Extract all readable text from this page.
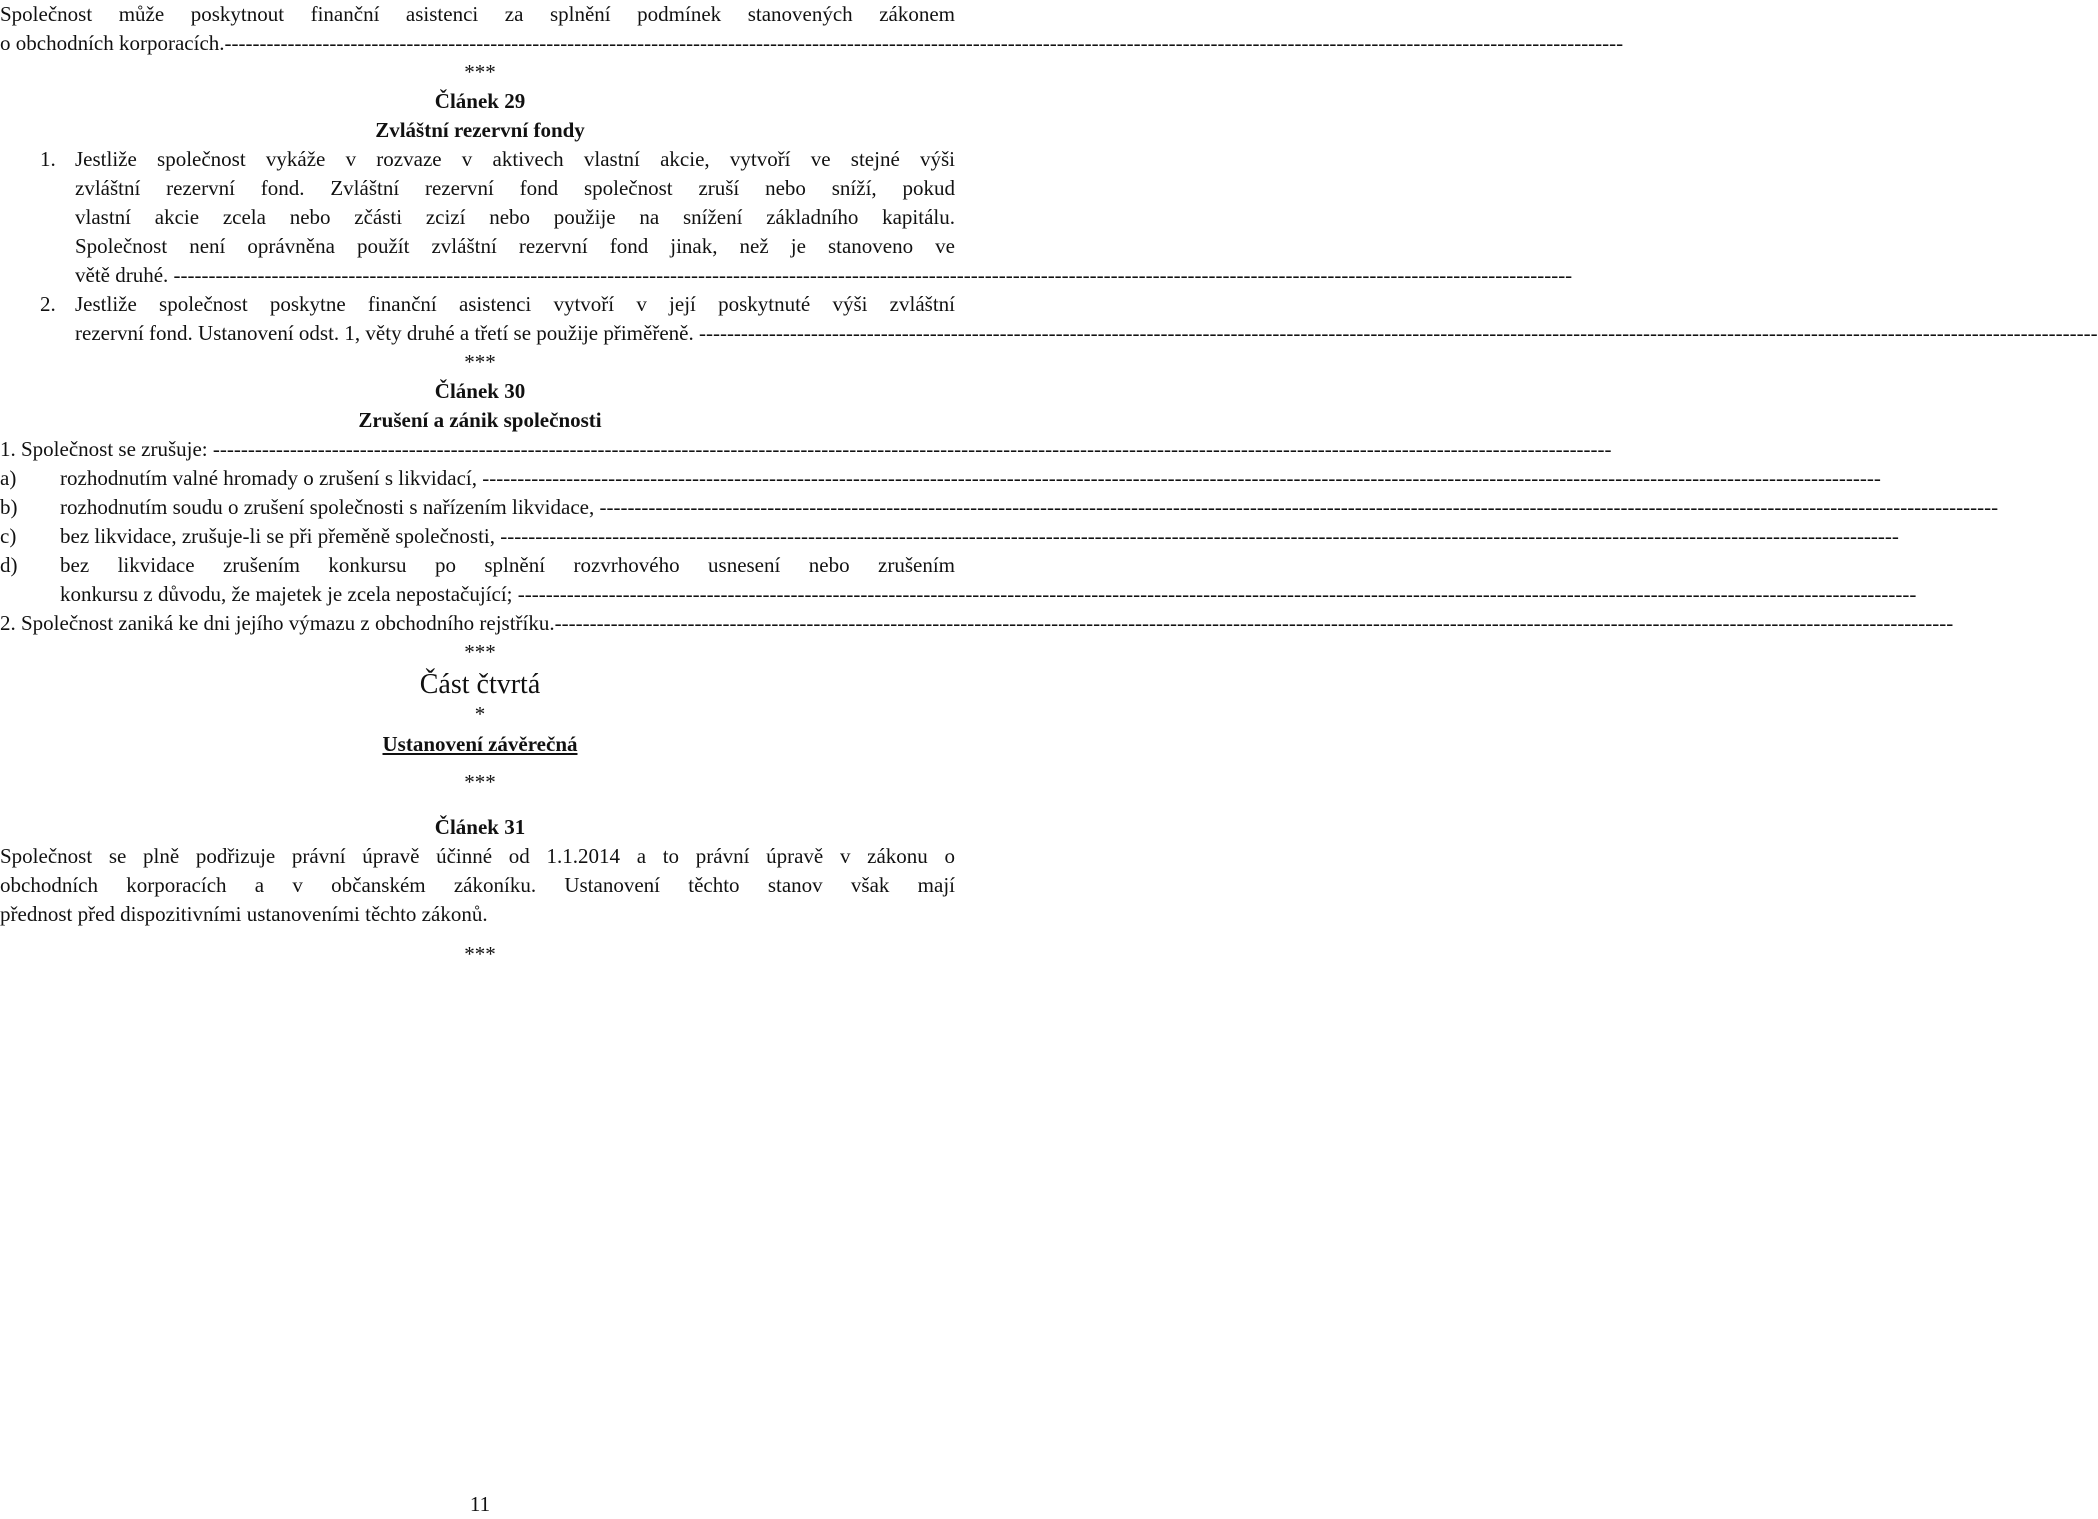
Společnost může poskytnout finanční asistenci za splnění podmínek stanovených zákonem
o obchodních korporacích. --------------------------------------------------------------------------------------------------------------------------------------------------------------------------------------------------------
***
Článek 29
Zvláštní rezervní fondy
1. Jestliže společnost vykáže v rozvaze v aktivech vlastní akcie, vytvoří ve stejné výši
zvláštní rezervní fond. Zvláštní rezervní fond společnost zruší nebo sníží, pokud
vlastní akcie zcela nebo zčásti zcizí nebo použije na snížení základního kapitálu.
Společnost není oprávněna použít zvláštní rezervní fond jinak, než je stanoveno ve
větě druhé.
--------------------------------------------------------------------------------------------------------------------------------------------------------------------------------------------------------
2. Jestliže společnost poskytne finanční asistenci vytvoří v její poskytnuté výši zvláštní
rezervní fond. Ustanovení odst. 1, věty druhé a třetí se použije přiměřeně.
--------------------------------------------------------------------------------------------------------------------------------------------------------------------------------------------------------
***
Článek 30
Zrušení a zánik společnosti
1. Společnost se zrušuje:
--------------------------------------------------------------------------------------------------------------------------------------------------------------------------------------------------------
a)	rozhodnutím valné hromady o zrušení s likvidací,
--------------------------------------------------------------------------------------------------------------------------------------------------------------------------------------------------------
b)	rozhodnutím soudu o zrušení společnosti s nařízením likvidace,
--------------------------------------------------------------------------------------------------------------------------------------------------------------------------------------------------------
c)	bez likvidace, zrušuje-li se při přeměně společnosti,
--------------------------------------------------------------------------------------------------------------------------------------------------------------------------------------------------------
d) bez likvidace zrušením konkursu po splnění rozvrhového usnesení nebo zrušením
konkursu z důvodu, že majetek je zcela nepostačující;
--------------------------------------------------------------------------------------------------------------------------------------------------------------------------------------------------------
2. Společnost zaniká ke dni jejího výmazu z obchodního rejstříku. --------------------------------------------------------------------------------------------------------------------------------------------------------------------------------------------------------
***
Část čtvrtá
*
Ustanovení závěrečná
***
Článek 31
Společnost se plně podřizuje právní úpravě účinné od 1.1.2014 a to právní úpravě v zákonu o
obchodních korporacích a v občanském zákoníku. Ustanovení těchto stanov však mají
přednost před dispozitivními ustanoveními těchto zákonů.
***
11
